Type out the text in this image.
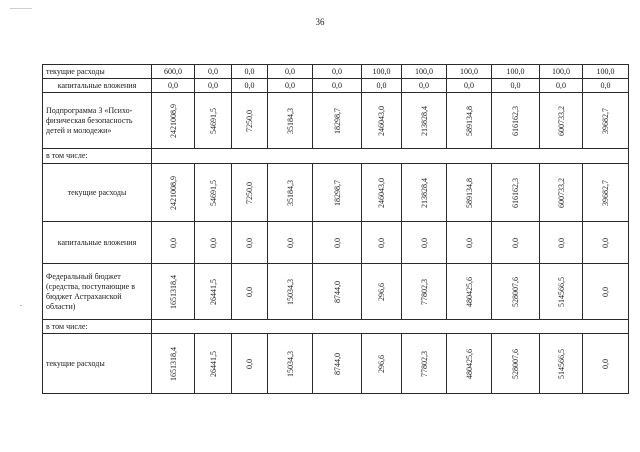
36
-
текущие расходы	600,0	0,0	0,0	0,0	0,0	100,0	100,0	100,0	100,0	100,0	100,0
капитальные вложения	0,0	0,0	0,0	0,0	0,0	0,0	0,0	0,0	0,0	0,0	0,0
Подпрограмма 3 «Психо-физическая безопасность детей и молодежи»	2421008,9	54691,5	7250,0	35184,3	18298,7	246043,0	213828,4	589134,8	616162,3	600733,2	39682,7

в том числе:											
текущие расходы	2421008,9	54691,5	7250,0	35184,3	18298,7	246043,0	213828,4	589134,8	616162,3	600733,2	39682,7

капитальные вложения	0,0	0,0	0,0	0,0	0,0	0,0	0,0	0,0	0,0	0,0	0,0

Федеральный бюджет (средства, поступающие в бюджет Астраханской области)	1651318,4	26441,5	0,0	15034,3	8744,0	296,6	77802,3	480425,6	528007,6	514566,5	0,0

в том числе:											
текущие расходы	1651318,4	26441,5	0,0	15034,3	8744,0	296,6	77802,3	480425,6	528007,6	514566,5	0,0
